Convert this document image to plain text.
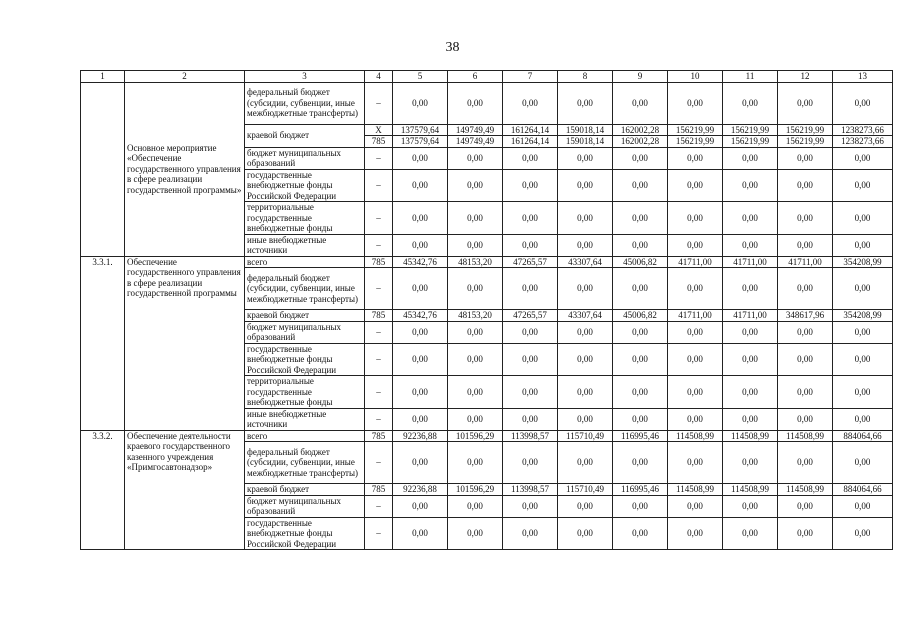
38
1	2	3	4	5	6	7	8	9	10	11	12	13
	Основное мероприятие «Обеспечение государственного управления в сфере реализации государственной программы»	федеральный бюджет (субсидии, субвенции, иные межбюджетные трансферты)	–	0,00	0,00	0,00	0,00	0,00	0,00	0,00	0,00	0,00
		краевой бюджет	X	137579,64	149749,49	161264,14	159018,14	162002,28	156219,99	156219,99	156219,99	1238273,66
			785	137579,64	149749,49	161264,14	159018,14	162002,28	156219,99	156219,99	156219,99	1238273,66
		бюджет муниципальных образований	–	0,00	0,00	0,00	0,00	0,00	0,00	0,00	0,00	0,00
		государственные внебюджетные фонды Российской Федерации	–	0,00	0,00	0,00	0,00	0,00	0,00	0,00	0,00	0,00
		территориальные государственные внебюджетные фонды	–	0,00	0,00	0,00	0,00	0,00	0,00	0,00	0,00	0,00
		иные внебюджетные источники	–	0,00	0,00	0,00	0,00	0,00	0,00	0,00	0,00	0,00
3.3.1.	Обеспечение государственного управления в сфере реализации государственной программы	всего	785	45342,76	48153,20	47265,57	43307,64	45006,82	41711,00	41711,00	41711,00	354208,99
		федеральный бюджет (субсидии, субвенции, иные межбюджетные трансферты)	–	0,00	0,00	0,00	0,00	0,00	0,00	0,00	0,00	0,00
		краевой бюджет	785	45342,76	48153,20	47265,57	43307,64	45006,82	41711,00	41711,00	348617,96	354208,99
		бюджет муниципальных образований	–	0,00	0,00	0,00	0,00	0,00	0,00	0,00	0,00	0,00
		государственные внебюджетные фонды Российской Федерации	–	0,00	0,00	0,00	0,00	0,00	0,00	0,00	0,00	0,00
		территориальные государственные внебюджетные фонды	–	0,00	0,00	0,00	0,00	0,00	0,00	0,00	0,00	0,00
		иные внебюджетные источники	–	0,00	0,00	0,00	0,00	0,00	0,00	0,00	0,00	0,00
3.3.2.	Обеспечение деятельности краевого государственного казенного учреждения «Примгосавтонадзор»	всего	785	92236,88	101596,29	113998,57	115710,49	116995,46	114508,99	114508,99	114508,99	884064,66
		федеральный бюджет (субсидии, субвенции, иные межбюджетные трансферты)	–	0,00	0,00	0,00	0,00	0,00	0,00	0,00	0,00	0,00
		краевой бюджет	785	92236,88	101596,29	113998,57	115710,49	116995,46	114508,99	114508,99	114508,99	884064,66
		бюджет муниципальных образований	–	0,00	0,00	0,00	0,00	0,00	0,00	0,00	0,00	0,00
		государственные внебюджетные фонды Российской Федерации	–	0,00	0,00	0,00	0,00	0,00	0,00	0,00	0,00	0,00
